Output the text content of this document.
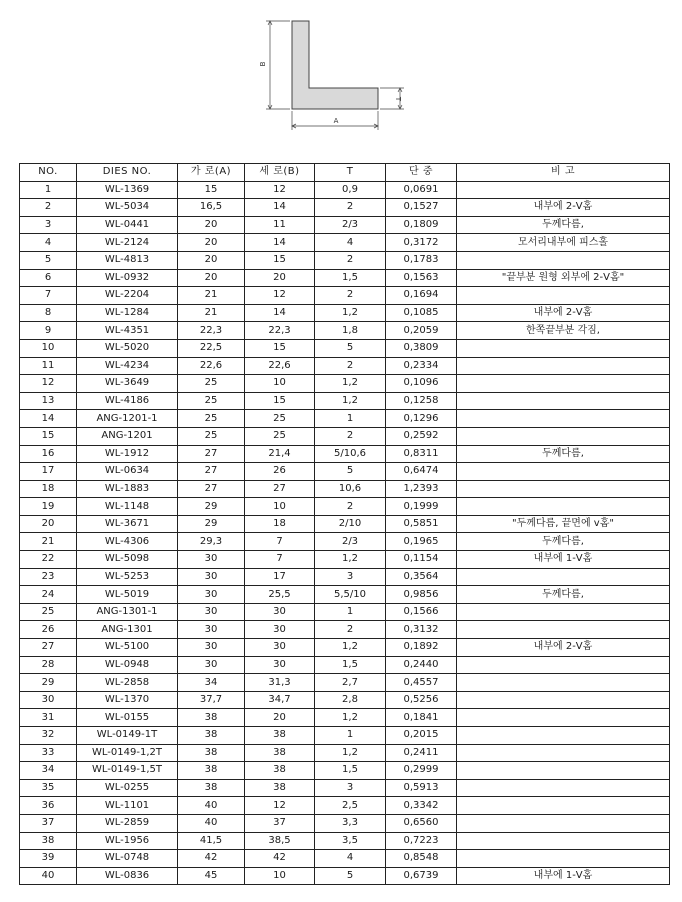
B
A
T
NO.	DIES NO.	가 로(A)	세 로(B)	T	단 중	비 고
1	WL-1369	15	12	0,9	0,0691	
2	WL-5034	16,5	14	2	0,1527	내부에 2-V홈
3	WL-0441	20	11	2/3	0,1809	두께다름,
4	WL-2124	20	14	4	0,3172	모서리내부에 피스홀
5	WL-4813	20	15	2	0,1783	
6	WL-0932	20	20	1,5	0,1563	"끝부분 원형 외부에 2-V홈"
7	WL-2204	21	12	2	0,1694	
8	WL-1284	21	14	1,2	0,1085	내부에 2-V홈
9	WL-4351	22,3	22,3	1,8	0,2059	한쪽끝부분 각짐,
10	WL-5020	22,5	15	5	0,3809	
11	WL-4234	22,6	22,6	2	0,2334	
12	WL-3649	25	10	1,2	0,1096	
13	WL-4186	25	15	1,2	0,1258	
14	ANG-1201-1	25	25	1	0,1296	
15	ANG-1201	25	25	2	0,2592	
16	WL-1912	27	21,4	5/10,6	0,8311	두께다름,
17	WL-0634	27	26	5	0,6474	
18	WL-1883	27	27	10,6	1,2393	
19	WL-1148	29	10	2	0,1999	
20	WL-3671	29	18	2/10	0,5851	"두께다름, 끝면에 v홈"
21	WL-4306	29,3	7	2/3	0,1965	두께다름,
22	WL-5098	30	7	1,2	0,1154	내부에 1-V홈
23	WL-5253	30	17	3	0,3564	
24	WL-5019	30	25,5	5,5/10	0,9856	두께다름,
25	ANG-1301-1	30	30	1	0,1566	
26	ANG-1301	30	30	2	0,3132	
27	WL-5100	30	30	1,2	0,1892	내부에 2-V홈
28	WL-0948	30	30	1,5	0,2440	
29	WL-2858	34	31,3	2,7	0,4557	
30	WL-1370	37,7	34,7	2,8	0,5256	
31	WL-0155	38	20	1,2	0,1841	
32	WL-0149-1T	38	38	1	0,2015	
33	WL-0149-1,2T	38	38	1,2	0,2411	
34	WL-0149-1,5T	38	38	1,5	0,2999	
35	WL-0255	38	38	3	0,5913	
36	WL-1101	40	12	2,5	0,3342	
37	WL-2859	40	37	3,3	0,6560	
38	WL-1956	41,5	38,5	3,5	0,7223	
39	WL-0748	42	42	4	0,8548	
40	WL-0836	45	10	5	0,6739	내부에 1-V홈
